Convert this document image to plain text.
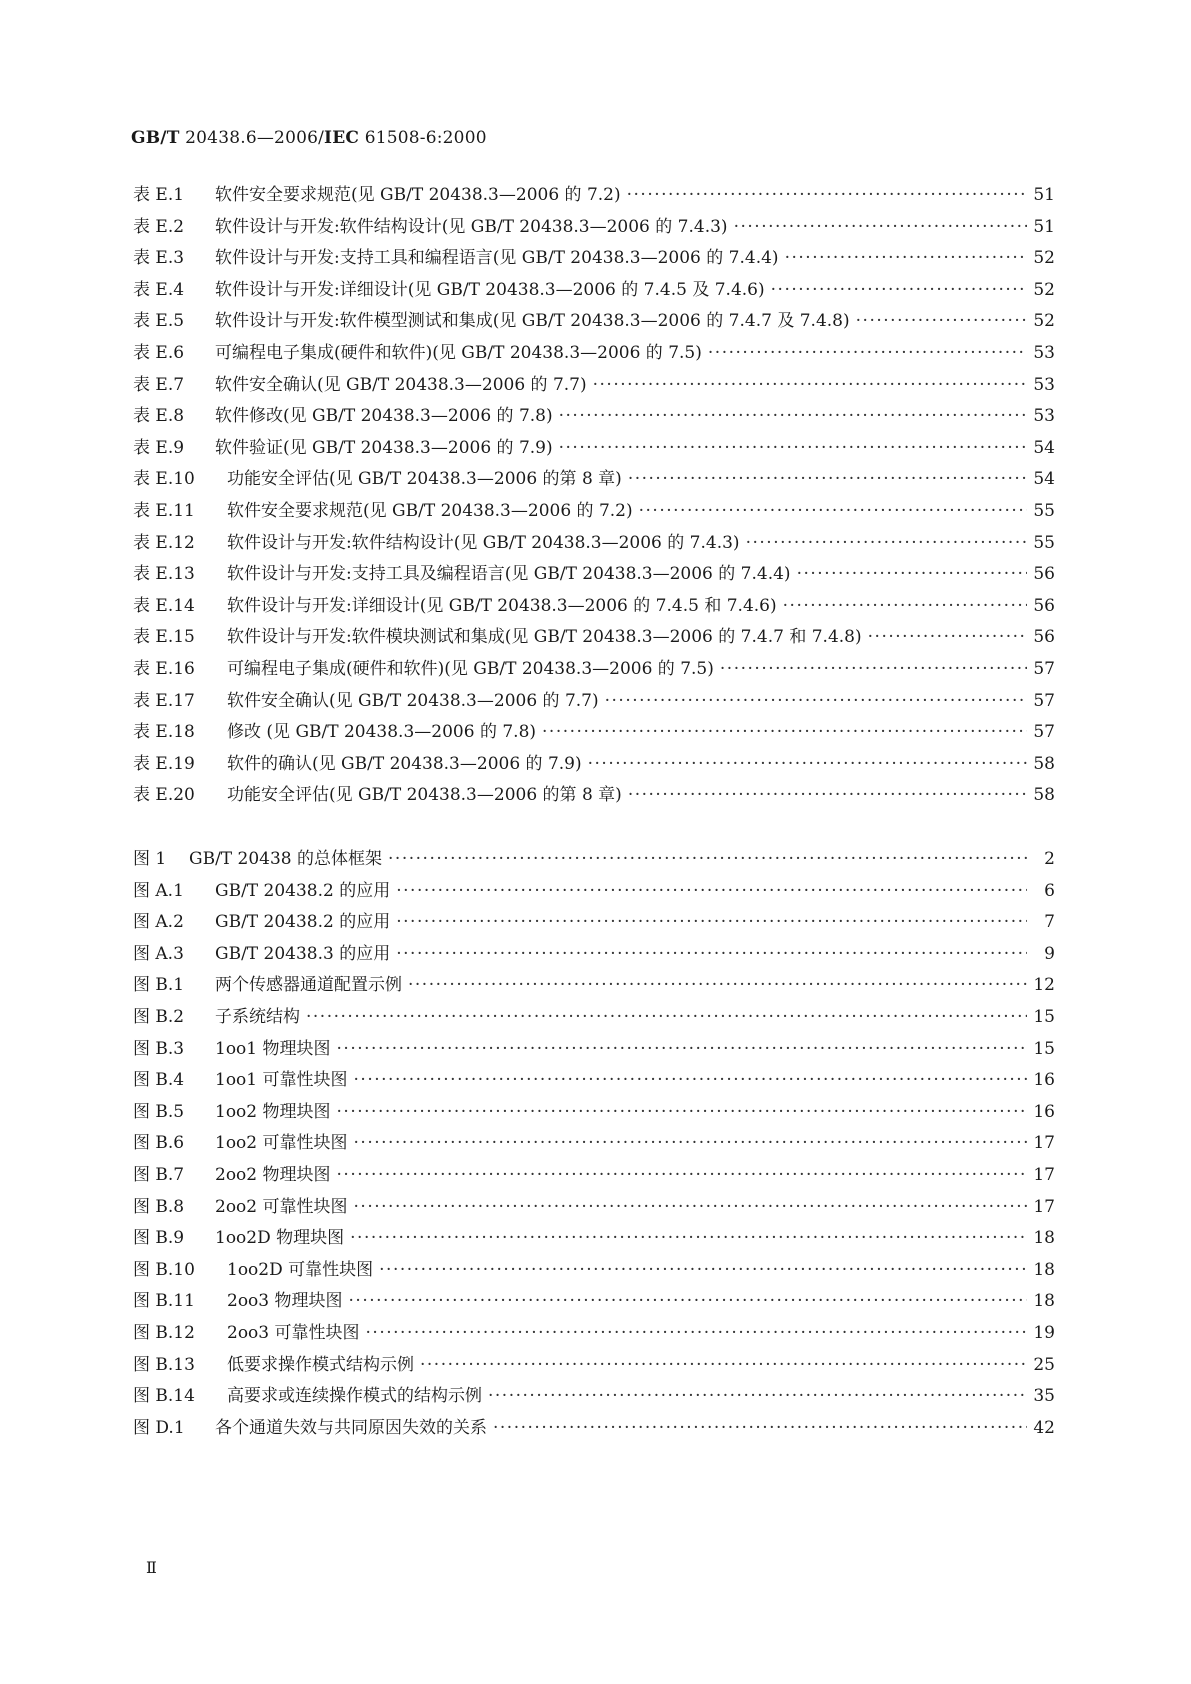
GB/T 20438.6—2006/IEC 61508-6:2000
表 E.1	软件安全要求规范(见 GB/T 20438.3—2006 的 7.2) ·····	51
表 E.2	软件设计与开发:软件结构设计(见 GB/T 20438.3—2006 的 7.4.3) ·····	51
表 E.3	软件设计与开发:支持工具和编程语言(见 GB/T 20438.3—2006 的 7.4.4) ·····	52
表 E.4	软件设计与开发:详细设计(见 GB/T 20438.3—2006 的 7.4.5 及 7.4.6) ·····	52
表 E.5	软件设计与开发:软件模型测试和集成(见 GB/T 20438.3—2006 的 7.4.7 及 7.4.8) ·····	52
表 E.6	可编程电子集成(硬件和软件)(见 GB/T 20438.3—2006 的 7.5) ·····	53
表 E.7	软件安全确认(见 GB/T 20438.3—2006 的 7.7) ·····	53
表 E.8	软件修改(见 GB/T 20438.3—2006 的 7.8) ·····	53
表 E.9	软件验证(见 GB/T 20438.3—2006 的 7.9) ·····	54
表 E.10	功能安全评估(见 GB/T 20438.3—2006 的第 8 章) ·····	54
表 E.11	软件安全要求规范(见 GB/T 20438.3—2006 的 7.2) ·····	55
表 E.12	软件设计与开发:软件结构设计(见 GB/T 20438.3—2006 的 7.4.3) ·····	55
表 E.13	软件设计与开发:支持工具及编程语言(见 GB/T 20438.3—2006 的 7.4.4) ·····	56
表 E.14	软件设计与开发:详细设计(见 GB/T 20438.3—2006 的 7.4.5 和 7.4.6) ·····	56
表 E.15	软件设计与开发:软件模块测试和集成(见 GB/T 20438.3—2006 的 7.4.7 和 7.4.8) ·····	56
表 E.16	可编程电子集成(硬件和软件)(见 GB/T 20438.3—2006 的 7.5) ·····	57
表 E.17	软件安全确认(见 GB/T 20438.3—2006 的 7.7) ·····	57
表 E.18	修改 (见 GB/T 20438.3—2006 的 7.8) ·····	57
表 E.19	软件的确认(见 GB/T 20438.3—2006 的 7.9) ·····	58
表 E.20	功能安全评估(见 GB/T 20438.3—2006 的第 8 章) ·····	58
图 1	GB/T 20438 的总体框架 ·····	2
图 A.1	GB/T 20438.2 的应用 ·····	6
图 A.2	GB/T 20438.2 的应用 ·····	7
图 A.3	GB/T 20438.3 的应用 ·····	9
图 B.1	两个传感器通道配置示例 ·····	12
图 B.2	子系统结构 ·····	15
图 B.3	1oo1 物理块图 ·····	15
图 B.4	1oo1 可靠性块图 ·····	16
图 B.5	1oo2 物理块图 ·····	16
图 B.6	1oo2 可靠性块图 ·····	17
图 B.7	2oo2 物理块图 ·····	17
图 B.8	2oo2 可靠性块图 ·····	17
图 B.9	1oo2D 物理块图 ·····	18
图 B.10	1oo2D 可靠性块图 ·····	18
图 B.11	2oo3 物理块图 ·····	18
图 B.12	2oo3 可靠性块图 ·····	19
图 B.13	低要求操作模式结构示例 ·····	25
图 B.14	高要求或连续操作模式的结构示例 ·····	35
图 D.1	各个通道失效与共同原因失效的关系 ·····	42
Ⅱ
